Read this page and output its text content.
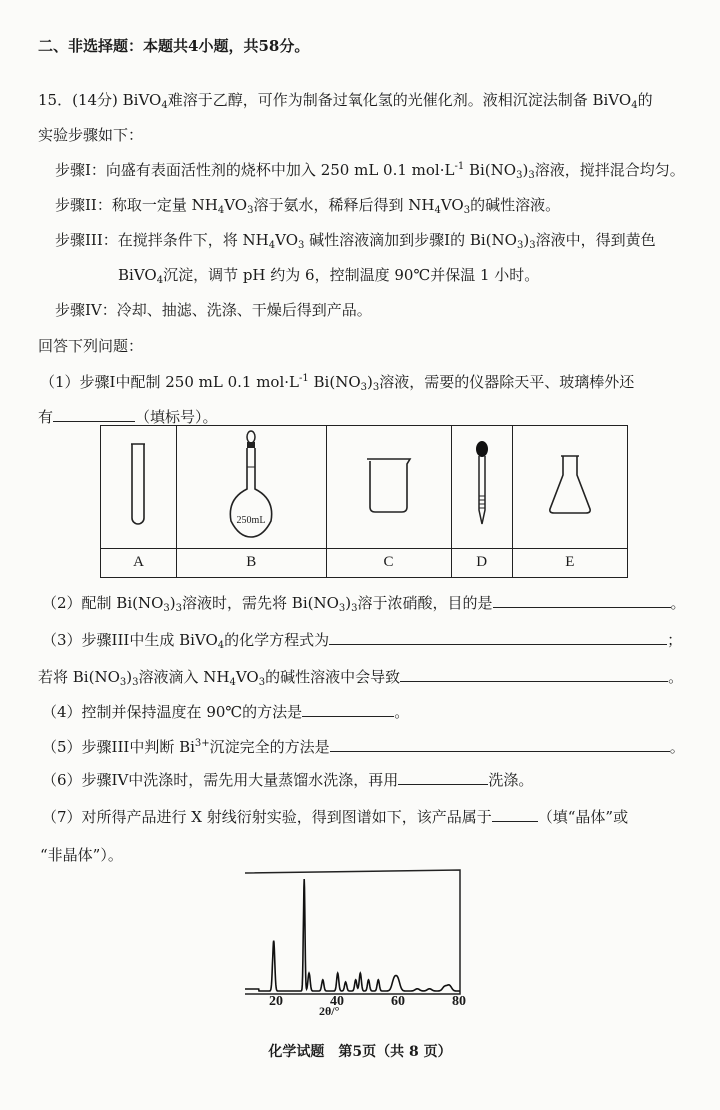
二、非选择题：本题共4小题，共58分。
15．(14分) BiVO$_4$难溶于乙醇，可作为制备过氧化氢的光催化剂。液相沉淀法制备 BiVO$_4$的
实验步骤如下：
步骤I：向盛有表面活性剂的烧杯中加入 250 mL 0.1 $mol\cdot L^{-1}$ $Bi(NO_3)_3$溶液，搅拌混合均匀。
步骤II：称取一定量 $NH_4VO_3$溶于氨水，稀释后得到 $NH_4VO_3$的碱性溶液。
步骤III：在搅拌条件下，将 $NH_4VO_3$ 碱性溶液滴加到步骤I的 $Bi(NO_3)_3$溶液中，得到黄色
BiVO$_4$沉淀，调节 pH 约为 6，控制温度 90℃并保温 1 小时。
步骤IV：冷却、抽滤、洗涤、干燥后得到产品。
回答下列问题：
（1）步骤I中配制 250 mL 0.1 $mol\cdot L^{-1}$ $Bi(NO_3)_3$溶液，需要的仪器除天平、玻璃棒外还
有	（填标号）。

250mL

A	B	C	D	E
（2）配制 $Bi(NO_3)_3$溶液时，需先将 $Bi(NO_3)_3$溶于浓硝酸，目的是	。
（3）步骤III中生成 BiVO$_4$的化学方程式为	；
若将 $Bi(NO_3)_3$溶液滴入 $NH_4VO_3$的碱性溶液中会导致	。
（4）控制并保持温度在 90℃的方法是	。
（5）步骤III中判断 $Bi^{3+}$沉淀完全的方法是	。
（6）步骤IV中洗涤时，需先用大量蒸馏水洗涤，再用	洗涤。
（7）对所得产品进行 X 射线衍射实验，得到图谱如下，该产品属于	（填“晶体”或
“非晶体”）。
20	40	60	80
2θ/°
化学试题　第5页（共 8 页）
